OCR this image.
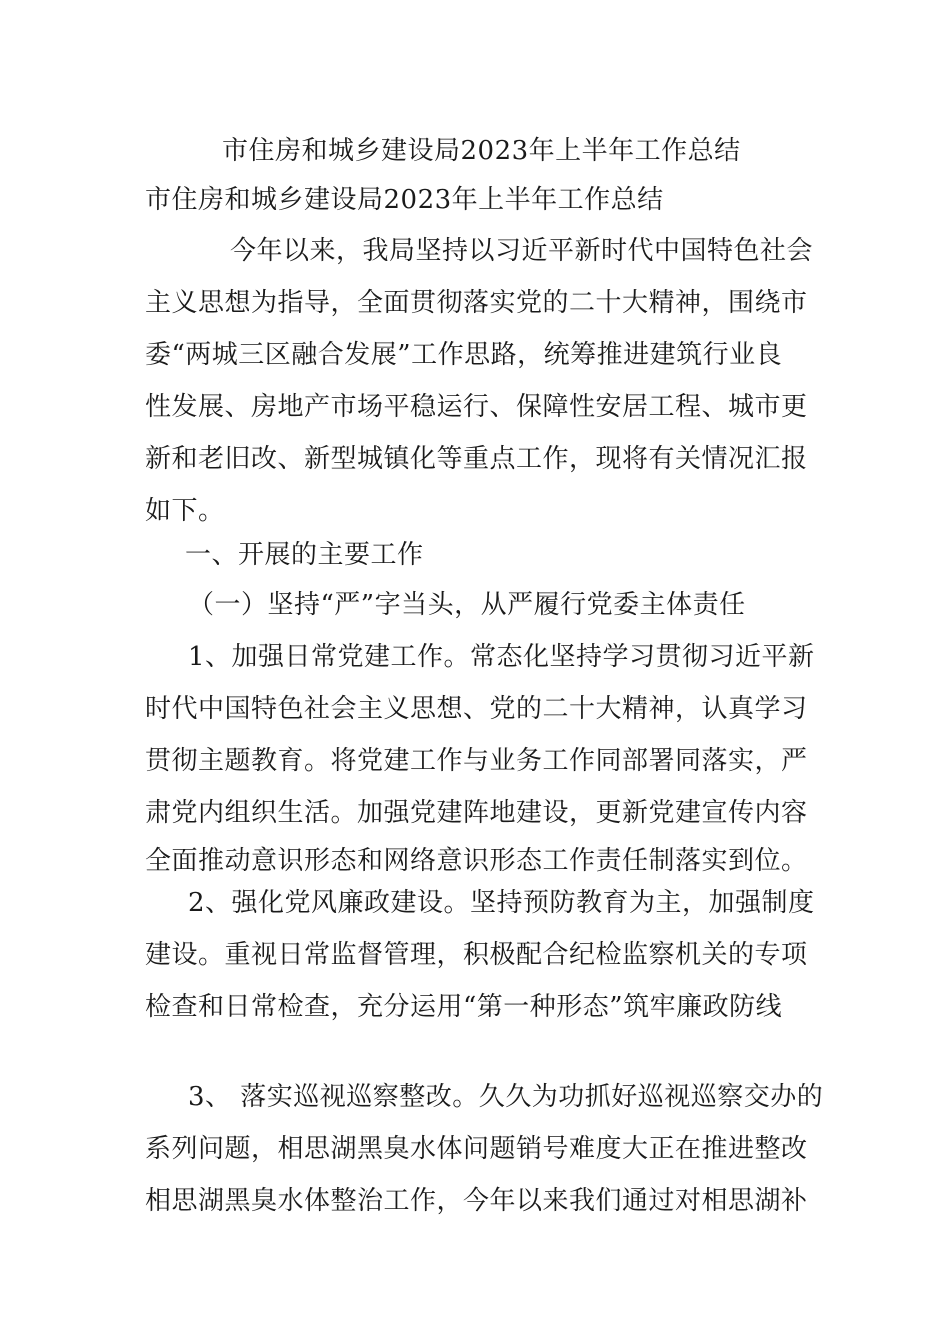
市住房和城乡建设局2023年上半年工作总结
市住房和城乡建设局2023年上半年工作总结
今年以来，我局坚持以习近平新时代中国特色社会
主义思想为指导，全面贯彻落实党的二十大精神，围绕市
委“两城三区融合发展”工作思路，统筹推进建筑行业良
性发展、房地产市场平稳运行、保障性安居工程、城市更
新和老旧改、新型城镇化等重点工作，现将有关情况汇报
如下。
一、开展的主要工作
（一）坚持“严”字当头，从严履行党委主体责任
1、加强日常党建工作。常态化坚持学习贯彻习近平新
时代中国特色社会主义思想、党的二十大精神，认真学习
贯彻主题教育。将党建工作与业务工作同部署同落实，严
肃党内组织生活。加强党建阵地建设，更新党建宣传内容
全面推动意识形态和网络意识形态工作责任制落实到位。
2、强化党风廉政建设。坚持预防教育为主，加强制度
建设。重视日常监督管理，积极配合纪检监察机关的专项
检查和日常检查，充分运用“第一种形态”筑牢廉政防线
3、 落实巡视巡察整改。久久为功抓好巡视巡察交办的
系列问题，相思湖黑臭水体问题销号难度大正在推进整改
相思湖黑臭水体整治工作，今年以来我们通过对相思湖补
